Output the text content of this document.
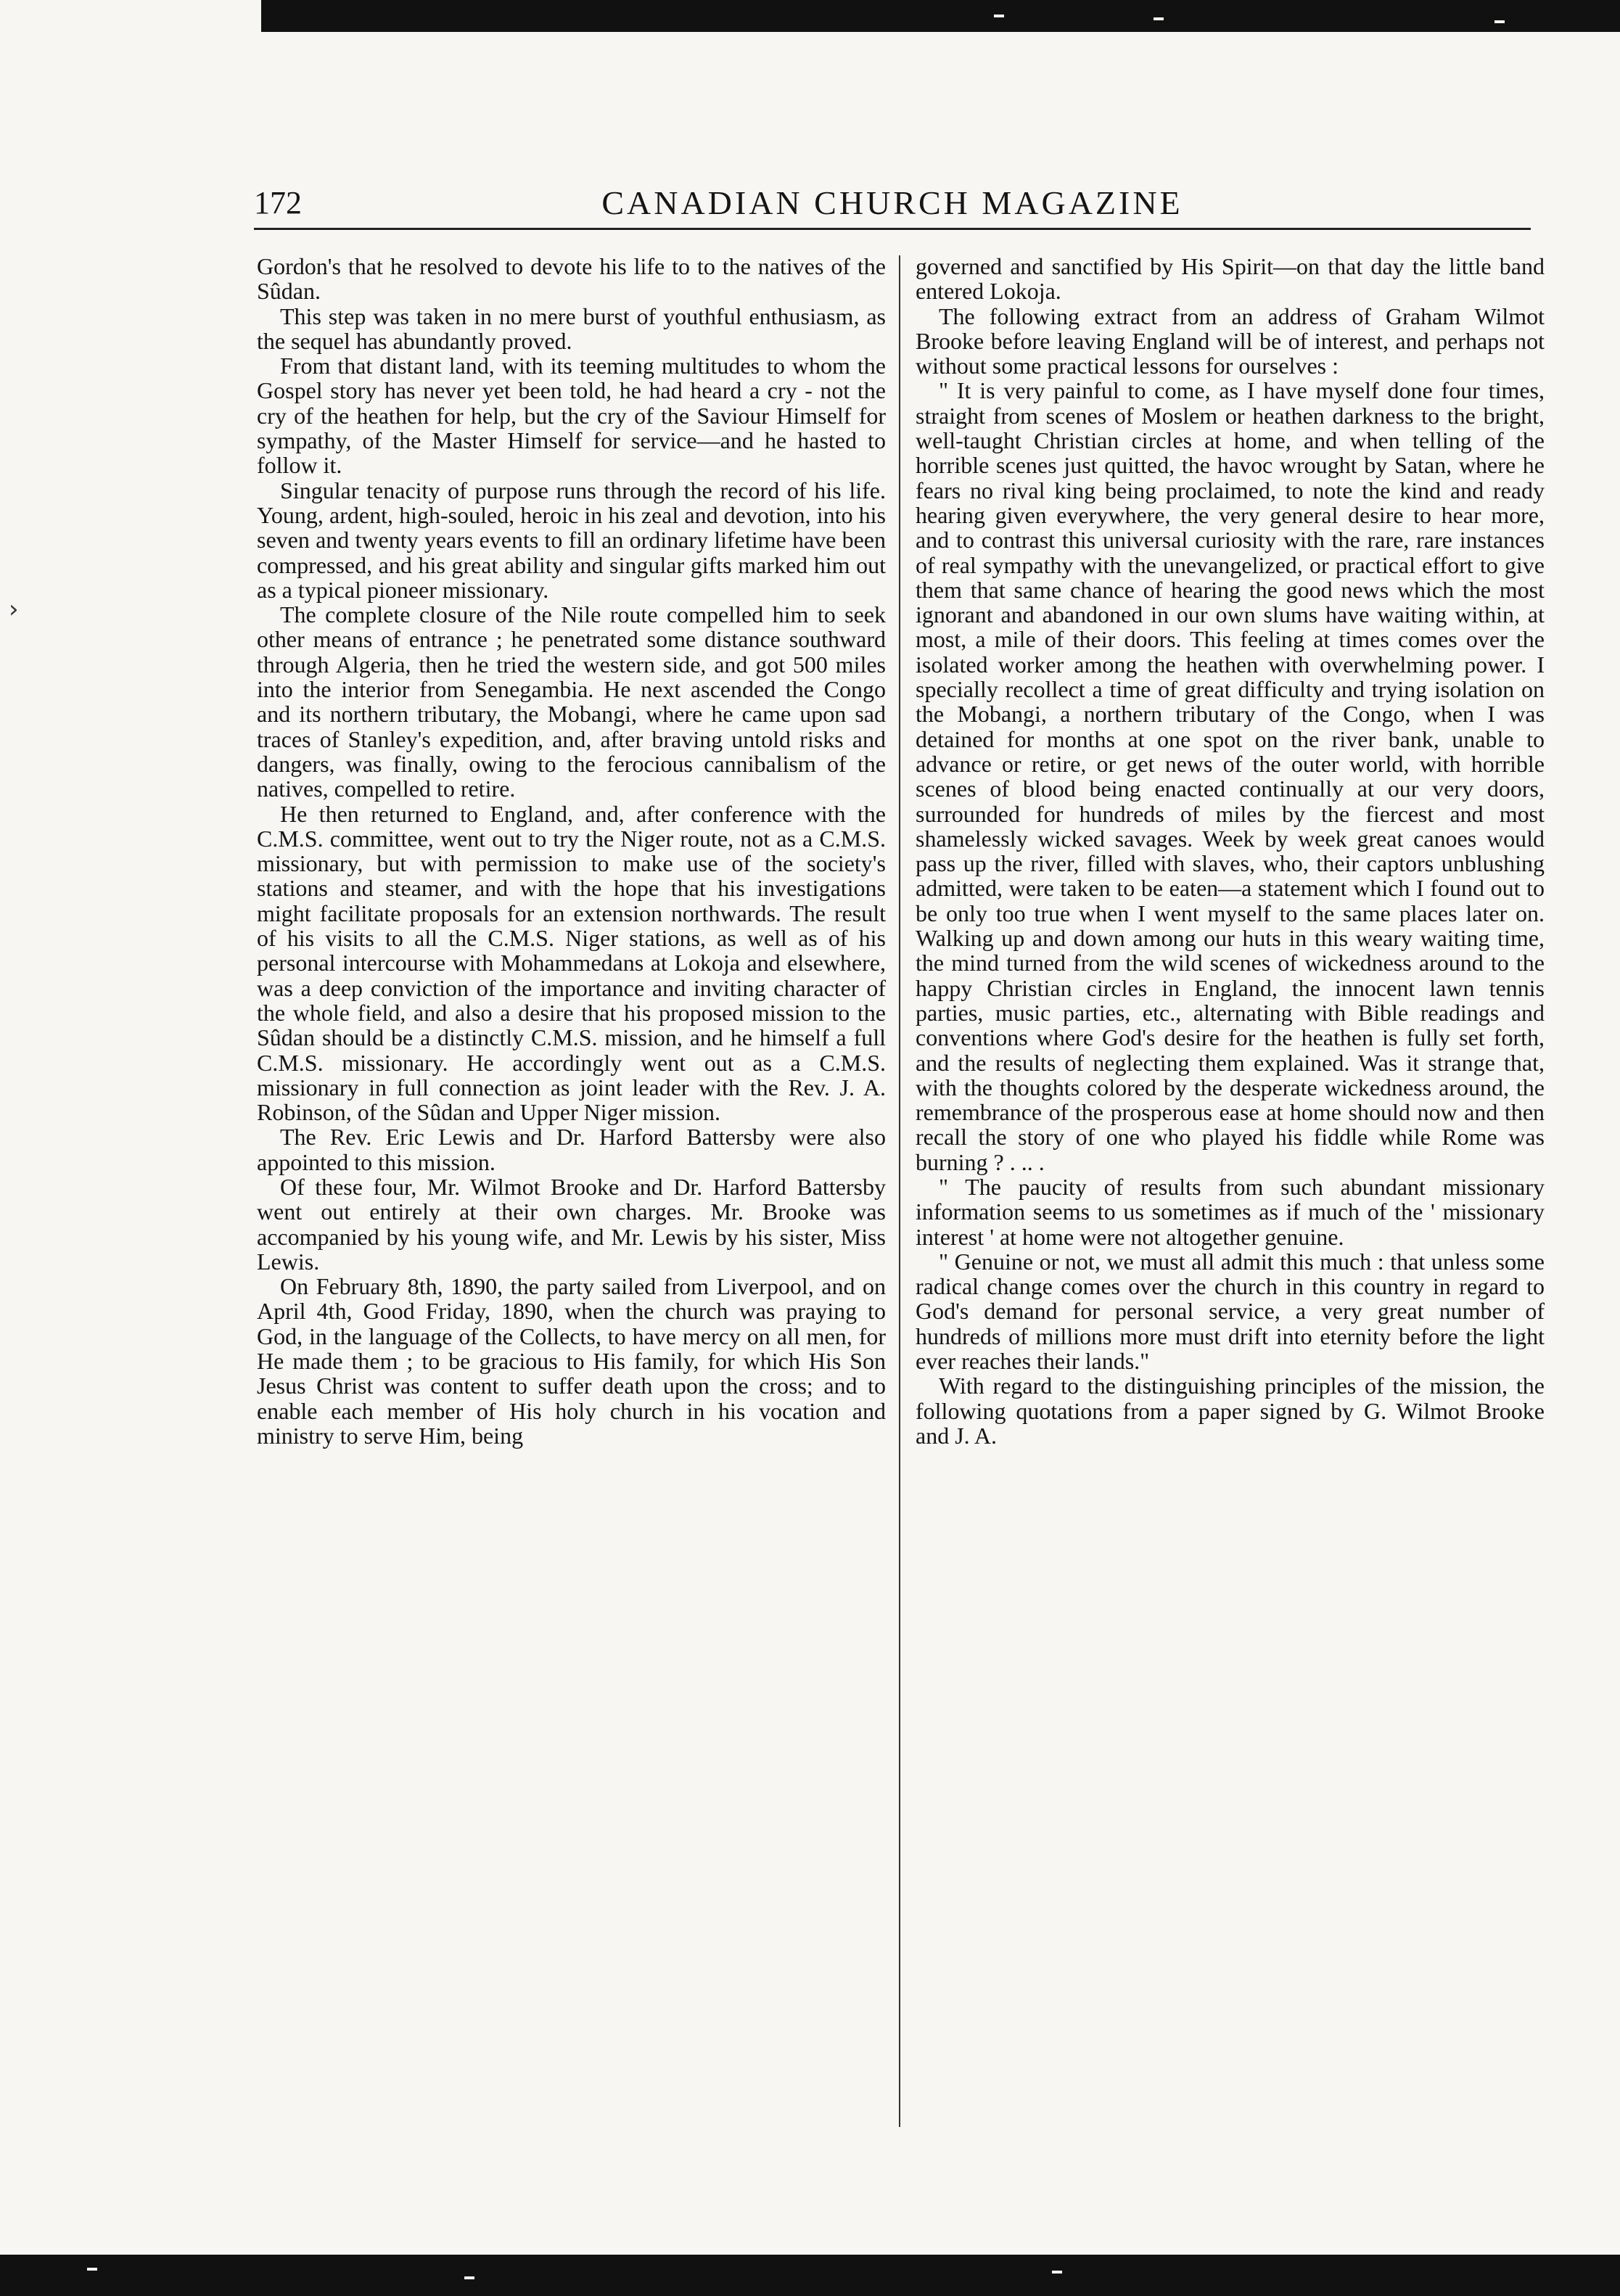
172	CANADIAN CHURCH MAGAZINE
›

Gordon's that he resolved to devote his life to to the natives of the Sûdan.

This step was taken in no mere burst of youthful enthusiasm, as the sequel has abundantly proved.

From that distant land, with its teeming multitudes to whom the Gospel story has never yet been told, he had heard a cry - not the cry of the heathen for help, but the cry of the Saviour Himself for sympathy, of the Master Himself for service—and he hasted to follow it.

Singular tenacity of purpose runs through the record of his life. Young, ardent, high-souled, heroic in his zeal and devotion, into his seven and twenty years events to fill an ordinary lifetime have been compressed, and his great ability and singular gifts marked him out as a typical pioneer missionary.

The complete closure of the Nile route compelled him to seek other means of entrance ; he penetrated some distance southward through Algeria, then he tried the western side, and got 500 miles into the interior from Senegambia. He next ascended the Congo and its northern tributary, the Mobangi, where he came upon sad traces of Stanley's expedition, and, after braving untold risks and dangers, was finally, owing to the ferocious cannibalism of the natives, compelled to retire.

He then returned to England, and, after conference with the C.M.S. committee, went out to try the Niger route, not as a C.M.S. missionary, but with permission to make use of the society's stations and steamer, and with the hope that his investigations might facilitate proposals for an extension northwards. The result of his visits to all the C.M.S. Niger stations, as well as of his personal intercourse with Mohammedans at Lokoja and elsewhere, was a deep conviction of the importance and inviting character of the whole field, and also a desire that his proposed mission to the Sûdan should be a distinctly C.M.S. mission, and he himself a full C.M.S. missionary. He accordingly went out as a C.M.S. missionary in full connection as joint leader with the Rev. J. A. Robinson, of the Sûdan and Upper Niger mission.

The Rev. Eric Lewis and Dr. Harford Battersby were also appointed to this mission.

Of these four, Mr. Wilmot Brooke and Dr. Harford Battersby went out entirely at their own charges. Mr. Brooke was accompanied by his young wife, and Mr. Lewis by his sister, Miss Lewis.

On February 8th, 1890, the party sailed from Liverpool, and on April 4th, Good Friday, 1890, when the church was praying to God, in the language of the Collects, to have mercy on all men, for He made them ; to be gracious to His family, for which His Son Jesus Christ was content to suffer death upon the cross; and to enable each member of His holy church in his vocation and ministry to serve Him, being

governed and sanctified by His Spirit—on that day the little band entered Lokoja.

The following extract from an address of Graham Wilmot Brooke before leaving England will be of interest, and perhaps not without some practical lessons for ourselves :

" It is very painful to come, as I have myself done four times, straight from scenes of Moslem or heathen darkness to the bright, well-taught Christian circles at home, and when telling of the horrible scenes just quitted, the havoc wrought by Satan, where he fears no rival king being proclaimed, to note the kind and ready hearing given everywhere, the very general desire to hear more, and to contrast this universal curiosity with the rare, rare instances of real sympathy with the unevangelized, or practical effort to give them that same chance of hearing the good news which the most ignorant and abandoned in our own slums have waiting within, at most, a mile of their doors. This feeling at times comes over the isolated worker among the heathen with overwhelming power. I specially recollect a time of great difficulty and trying isolation on the Mobangi, a northern tributary of the Congo, when I was detained for months at one spot on the river bank, unable to advance or retire, or get news of the outer world, with horrible scenes of blood being enacted continually at our very doors, surrounded for hundreds of miles by the fiercest and most shamelessly wicked savages. Week by week great canoes would pass up the river, filled with slaves, who, their captors unblushing admitted, were taken to be eaten—a statement which I found out to be only too true when I went myself to the same places later on. Walking up and down among our huts in this weary waiting time, the mind turned from the wild scenes of wickedness around to the happy Christian circles in England, the innocent lawn tennis parties, music parties, etc., alternating with Bible readings and conventions where God's desire for the heathen is fully set forth, and the results of neglecting them explained. Was it strange that, with the thoughts colored by the desperate wickedness around, the remembrance of the prosperous ease at home should now and then recall the story of one who played his fiddle while Rome was burning ? . .. .

" The paucity of results from such abundant missionary information seems to us sometimes as if much of the ' missionary interest ' at home were not altogether genuine.

" Genuine or not, we must all admit this much : that unless some radical change comes over the church in this country in regard to God's demand for personal service, a very great number of hundreds of millions more must drift into eternity before the light ever reaches their lands."

With regard to the distinguishing principles of the mission, the following quotations from a paper signed by G. Wilmot Brooke and J. A.
